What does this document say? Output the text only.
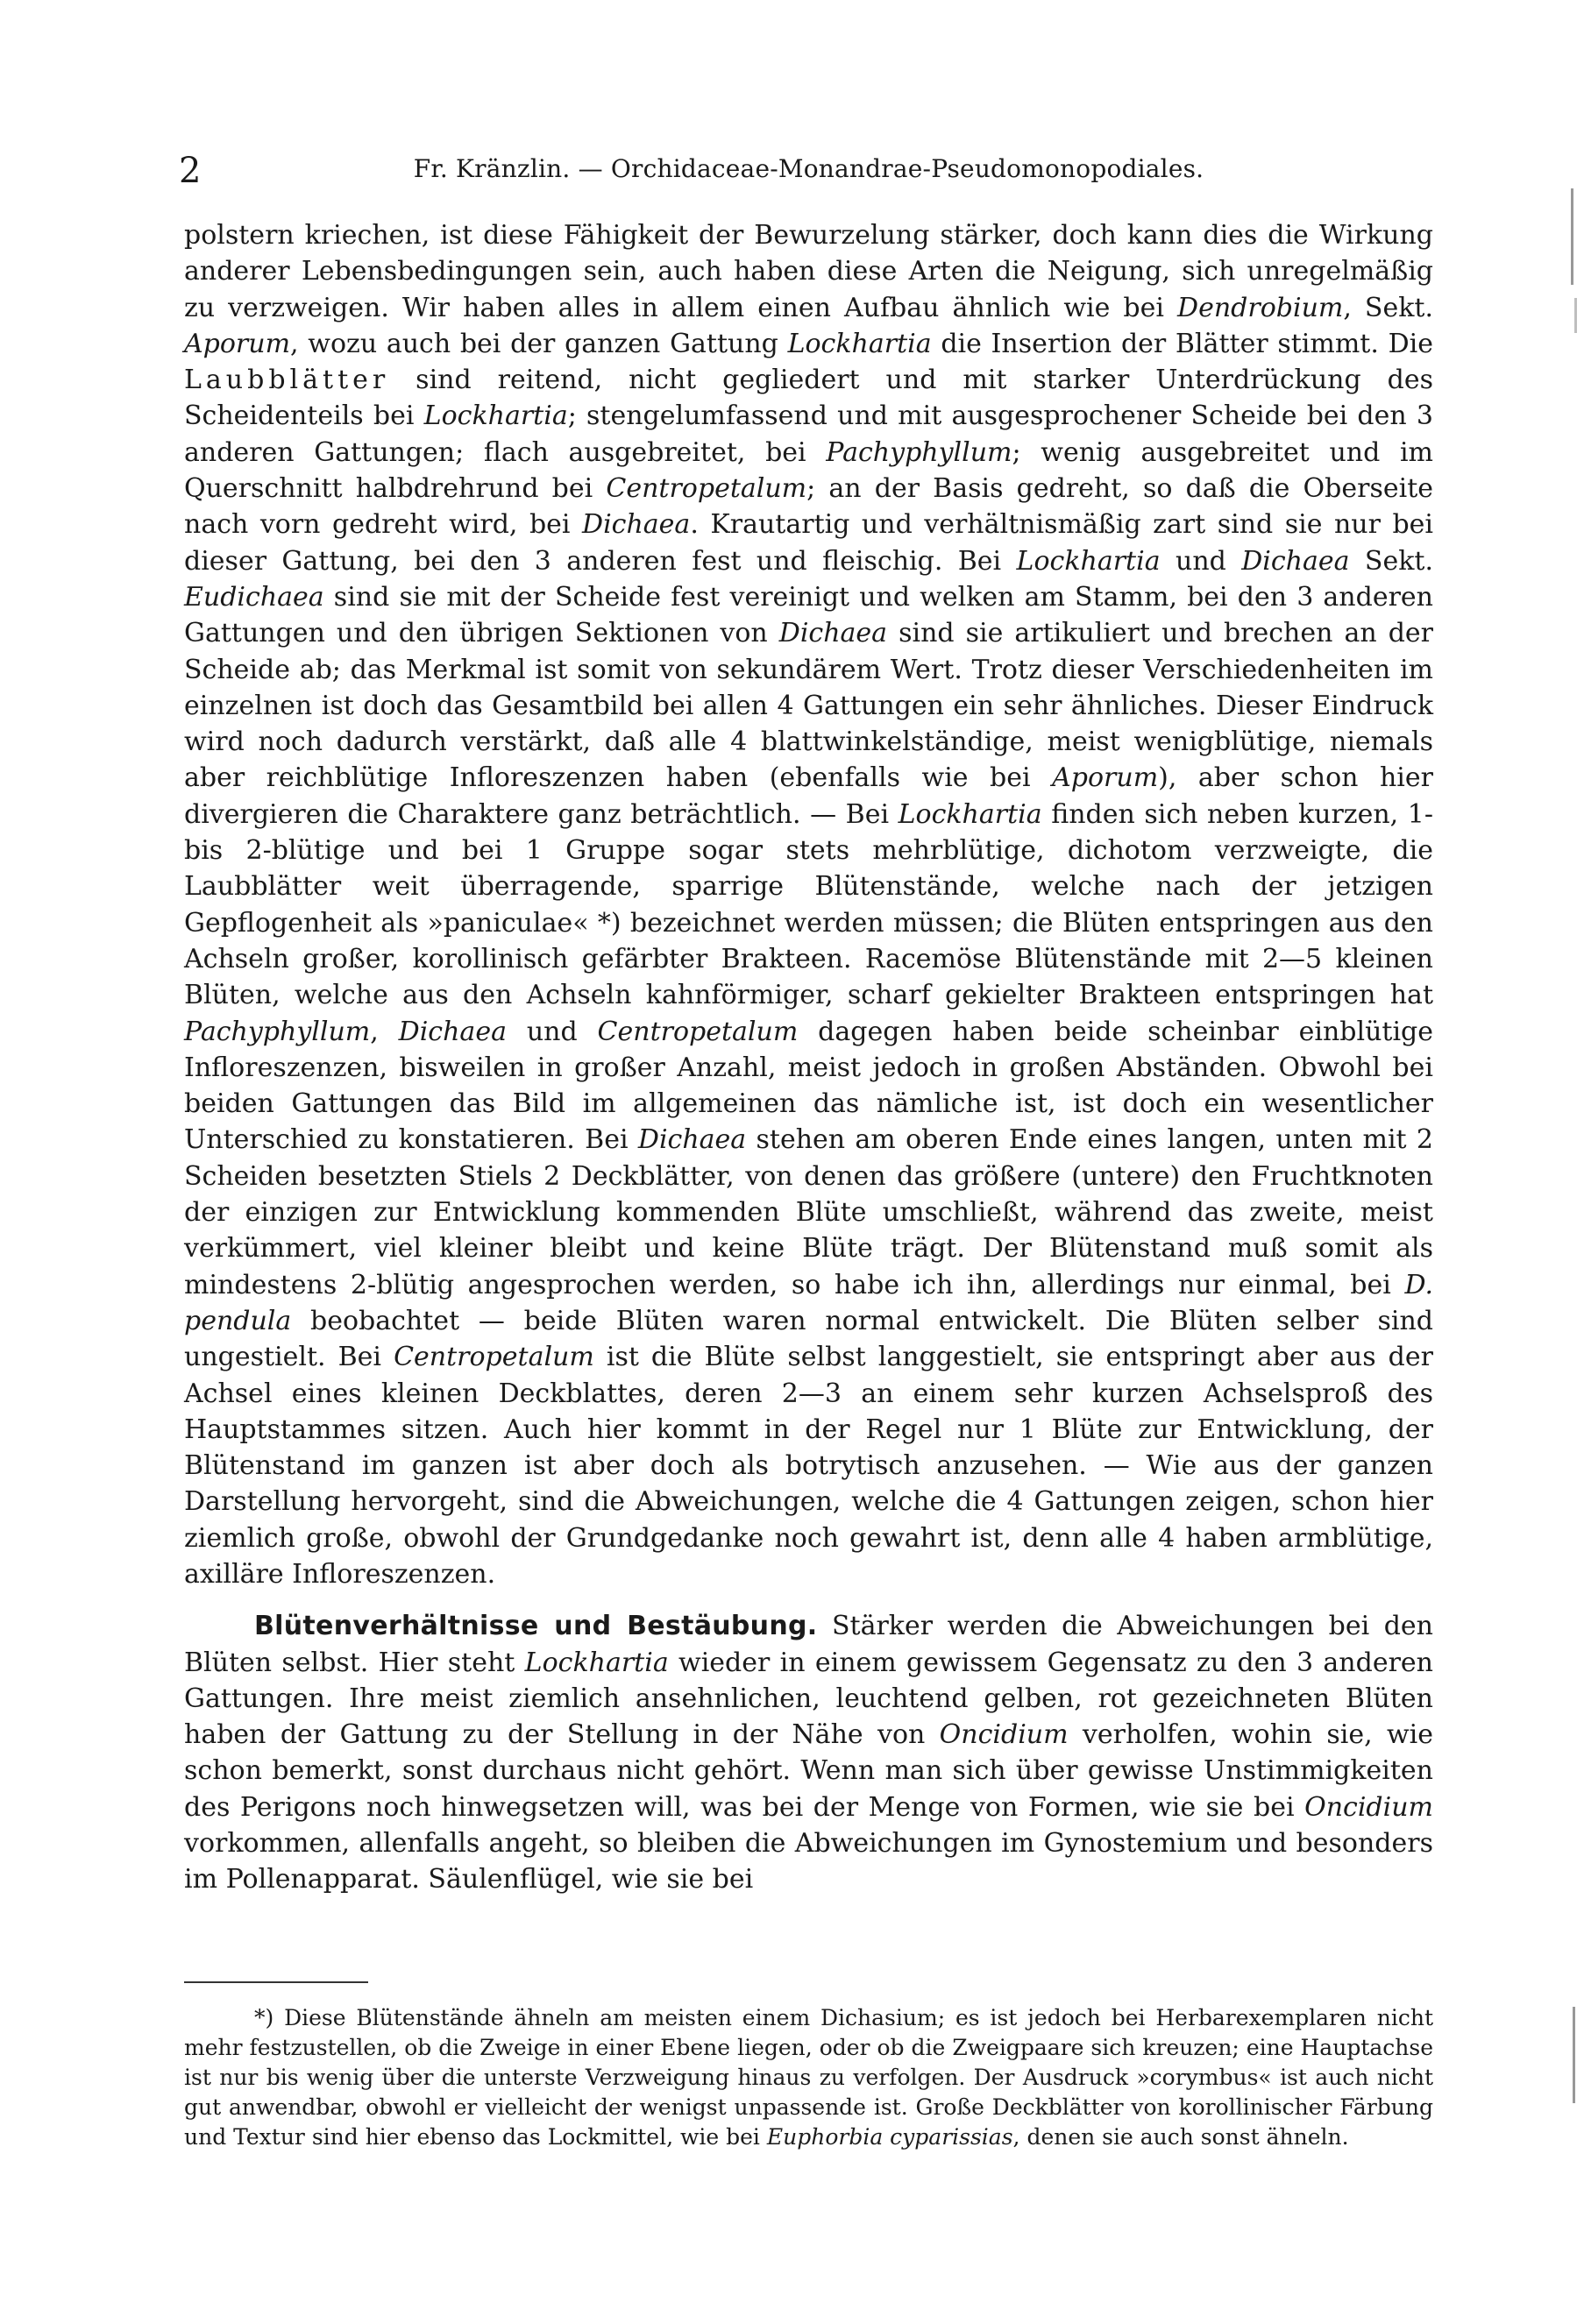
2	Fr. Kränzlin. — Orchidaceae-Monandrae-Pseudomonopodiales.

polstern kriechen, ist diese Fähigkeit der Bewurzelung stärker, doch kann dies die Wirkung anderer Lebensbedingungen sein, auch haben diese Arten die Neigung, sich unregelmäßig zu verzweigen. Wir haben alles in allem einen Aufbau ähnlich wie bei Dendrobium, Sekt. Aporum, wozu auch bei der ganzen Gattung Lockhartia die Insertion der Blätter stimmt. Die Laubblätter sind reitend, nicht gegliedert und mit starker Unterdrückung des Scheidenteils bei Lockhartia; stengelumfassend und mit ausgesprochener Scheide bei den 3 anderen Gattungen; flach ausgebreitet, bei Pachyphyllum; wenig ausgebreitet und im Querschnitt halbdrehrund bei Centropetalum; an der Basis gedreht, so daß die Oberseite nach vorn gedreht wird, bei Dichaea. Krautartig und verhältnismäßig zart sind sie nur bei dieser Gattung, bei den 3 anderen fest und fleischig. Bei Lockhartia und Dichaea Sekt. Eudichaea sind sie mit der Scheide fest vereinigt und welken am Stamm, bei den 3 anderen Gattungen und den übrigen Sektionen von Dichaea sind sie artikuliert und brechen an der Scheide ab; das Merkmal ist somit von sekundärem Wert. Trotz dieser Verschiedenheiten im einzelnen ist doch das Gesamtbild bei allen 4 Gattungen ein sehr ähnliches. Dieser Eindruck wird noch dadurch verstärkt, daß alle 4 blattwinkelständige, meist wenigblütige, niemals aber reichblütige Infloreszenzen haben (ebenfalls wie bei Aporum), aber schon hier divergieren die Charaktere ganz beträchtlich. — Bei Lockhartia finden sich neben kurzen, 1- bis 2-blütige und bei 1 Gruppe sogar stets mehrblütige, dichotom verzweigte, die Laubblätter weit überragende, sparrige Blütenstände, welche nach der jetzigen Gepflogenheit als »paniculae« *) bezeichnet werden müssen; die Blüten entspringen aus den Achseln großer, korollinisch gefärbter Brakteen. Racemöse Blütenstände mit 2—5 kleinen Blüten, welche aus den Achseln kahnförmiger, scharf gekielter Brakteen entspringen hat Pachyphyllum, Dichaea und Centropetalum dagegen haben beide scheinbar einblütige Infloreszenzen, bisweilen in großer Anzahl, meist jedoch in großen Abständen. Obwohl bei beiden Gattungen das Bild im allgemeinen das nämliche ist, ist doch ein wesentlicher Unterschied zu konstatieren. Bei Dichaea stehen am oberen Ende eines langen, unten mit 2 Scheiden besetzten Stiels 2 Deckblätter, von denen das größere (untere) den Fruchtknoten der einzigen zur Entwicklung kommenden Blüte umschließt, während das zweite, meist verkümmert, viel kleiner bleibt und keine Blüte trägt. Der Blütenstand muß somit als mindestens 2-blütig angesprochen werden, so habe ich ihn, allerdings nur einmal, bei D. pendula beobachtet — beide Blüten waren normal entwickelt. Die Blüten selber sind ungestielt. Bei Centropetalum ist die Blüte selbst langgestielt, sie entspringt aber aus der Achsel eines kleinen Deckblattes, deren 2—3 an einem sehr kurzen Achselsproß des Hauptstammes sitzen. Auch hier kommt in der Regel nur 1 Blüte zur Entwicklung, der Blütenstand im ganzen ist aber doch als botrytisch anzusehen. — Wie aus der ganzen Darstellung hervorgeht, sind die Abweichungen, welche die 4 Gattungen zeigen, schon hier ziemlich große, obwohl der Grundgedanke noch gewahrt ist, denn alle 4 haben armblütige, axilläre Infloreszenzen.

Blütenverhältnisse und Bestäubung. Stärker werden die Abweichungen bei den Blüten selbst. Hier steht Lockhartia wieder in einem gewissem Gegensatz zu den 3 anderen Gattungen. Ihre meist ziemlich ansehnlichen, leuchtend gelben, rot gezeichneten Blüten haben der Gattung zu der Stellung in der Nähe von Oncidium verholfen, wohin sie, wie schon bemerkt, sonst durchaus nicht gehört. Wenn man sich über gewisse Unstimmigkeiten des Perigons noch hinwegsetzen will, was bei der Menge von Formen, wie sie bei Oncidium vorkommen, allenfalls angeht, so bleiben die Abweichungen im Gynostemium und besonders im Pollenapparat. Säulenflügel, wie sie bei

*) Diese Blütenstände ähneln am meisten einem Dichasium; es ist jedoch bei Herbarexemplaren nicht mehr festzustellen, ob die Zweige in einer Ebene liegen, oder ob die Zweigpaare sich kreuzen; eine Hauptachse ist nur bis wenig über die unterste Verzweigung hinaus zu verfolgen. Der Ausdruck »corymbus« ist auch nicht gut anwendbar, obwohl er vielleicht der wenigst unpassende ist. Große Deckblätter von korollinischer Färbung und Textur sind hier ebenso das Lockmittel, wie bei Euphorbia cyparissias, denen sie auch sonst ähneln.
